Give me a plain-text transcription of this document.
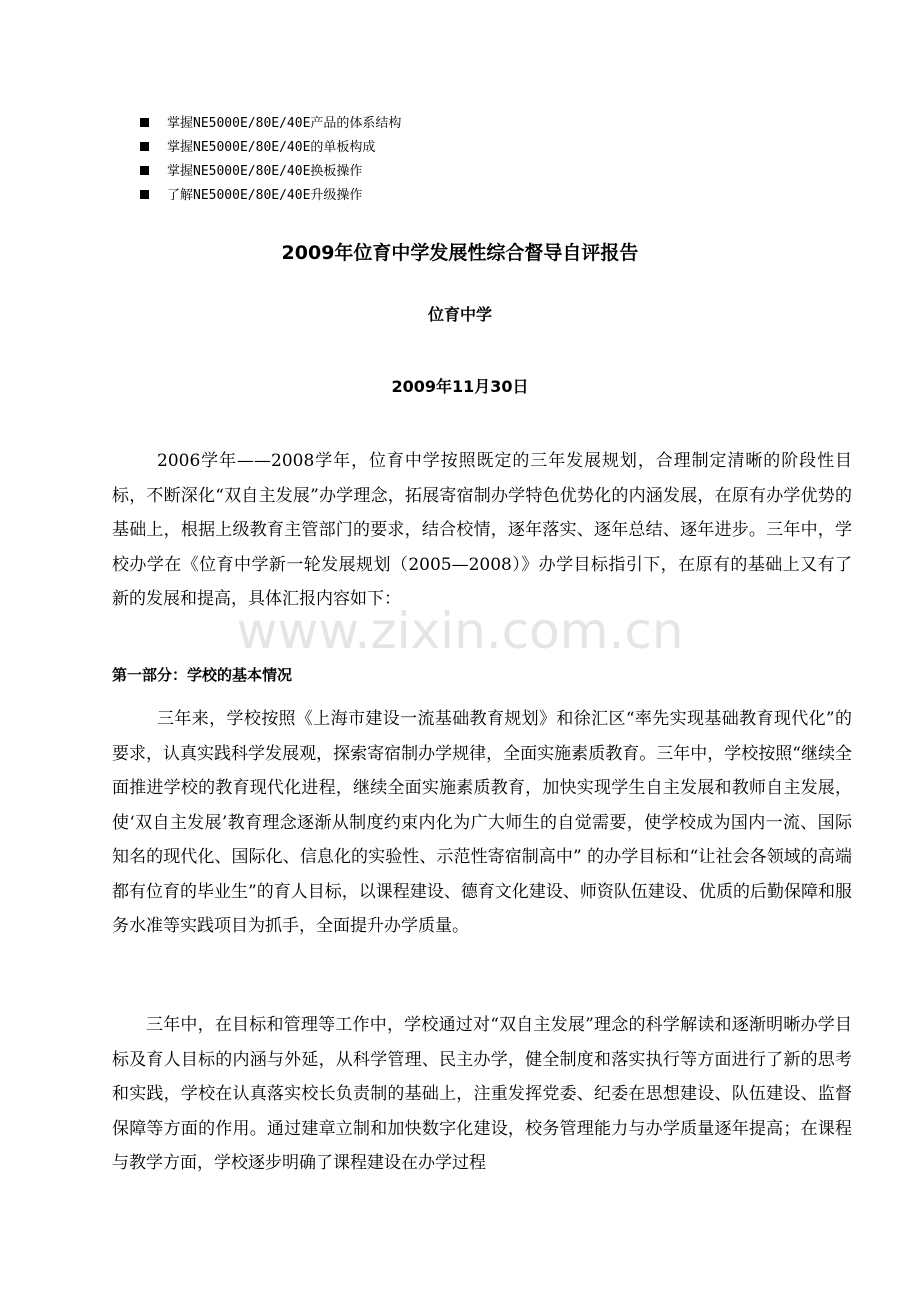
掌握NE5000E/80E/40E产品的体系结构
掌握NE5000E/80E/40E的单板构成
掌握NE5000E/80E/40E换板操作
了解NE5000E/80E/40E升级操作
2009年位育中学发展性综合督导自评报告
位育中学
2009年11月30日

2006学年——2008学年，位育中学按照既定的三年发展规划，合理制定清晰的阶段性目标，不断深化“双自主发展”办学理念，拓展寄宿制办学特色优势化的内涵发展，在原有办学优势的基础上，根据上级教育主管部门的要求，结合校情，逐年落实、逐年总结、逐年进步。三年中，学校办学在《位育中学新一轮发展规划（2005—2008）》办学目标指引下，在原有的基础上又有了新的发展和提高，具体汇报内容如下：

www.zixin.com.cn
第一部分：学校的基本情况

三年来，学校按照《上海市建设一流基础教育规划》和徐汇区“率先实现基础教育现代化”的要求，认真实践科学发展观，探索寄宿制办学规律，全面实施素质教育。三年中，学校按照“继续全面推进学校的教育现代化进程，继续全面实施素质教育，加快实现学生自主发展和教师自主发展，使‘双自主发展’教育理念逐渐从制度约束内化为广大师生的自觉需要，使学校成为国内一流、国际知名的现代化、国际化、信息化的实验性、示范性寄宿制高中” 的办学目标和“让社会各领域的高端都有位育的毕业生”的育人目标，以课程建设、德育文化建设、师资队伍建设、优质的后勤保障和服务水准等实践项目为抓手，全面提升办学质量。

三年中，在目标和管理等工作中，学校通过对“双自主发展”理念的科学解读和逐渐明晰办学目标及育人目标的内涵与外延，从科学管理、民主办学，健全制度和落实执行等方面进行了新的思考和实践，学校在认真落实校长负责制的基础上，注重发挥党委、纪委在思想建设、队伍建设、监督保障等方面的作用。通过建章立制和加快数字化建设，校务管理能力与办学质量逐年提高；在课程与教学方面，学校逐步明确了课程建设在办学过程
